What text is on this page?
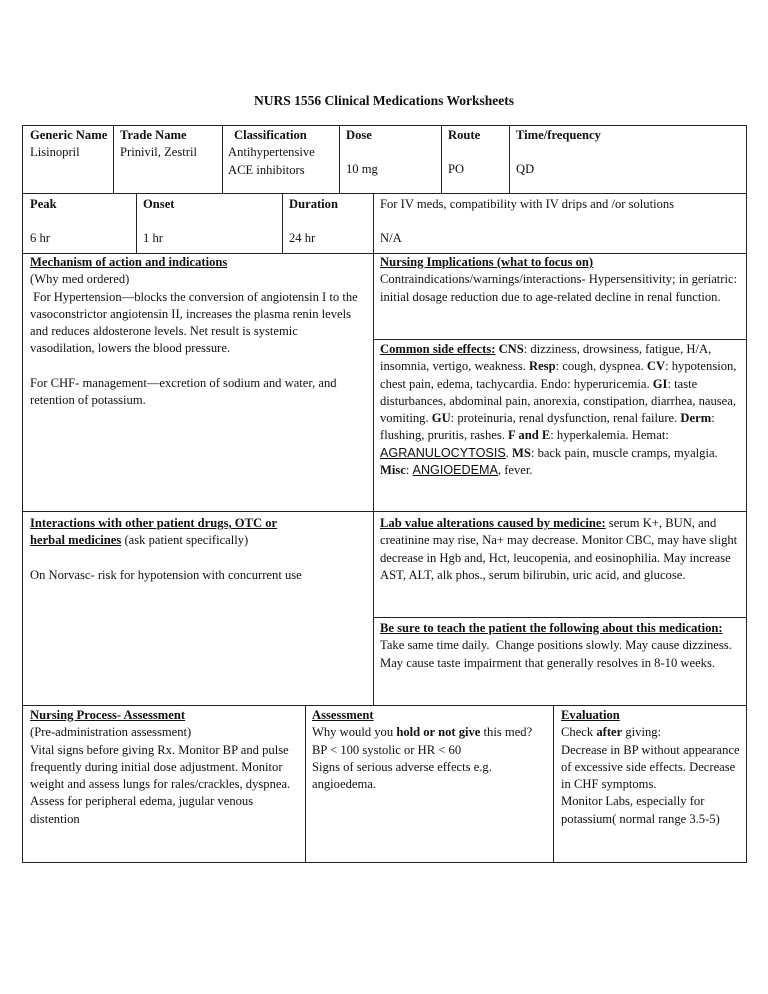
NURS 1556 Clinical Medications Worksheets

Generic Name

Lisinopril

Trade Name

Prinivil, Zestril

Classification

Antihypertensive ACE inhibitors

Dose

10 mg

Route

PO

Time/frequency

QD

Peak

6 hr

Onset

1 hr

Duration

24 hr

For IV meds, compatibility with IV drips and /or solutions

N/A

Mechanism of action and indications

(Why med ordered)

For Hypertension—blocks the conversion of angiotensin I to the vasoconstrictor angiotensin II, increases the plasma renin levels and reduces aldosterone levels. Net result is systemic vasodilation, lowers the blood pressure.

For CHF- management—excretion of sodium and water, and retention of potassium.

Nursing Implications (what to focus on)

Contraindications/warnings/interactions- Hypersensitivity; in geriatric: initial dosage reduction due to age-related decline in renal function.

Common side effects: CNS: dizziness, drowsiness, fatigue, H/A, insomnia, vertigo, weakness. Resp: cough, dyspnea. CV: hypotension, chest pain, edema, tachycardia. Endo: hyperuricemia. GI: taste disturbances, abdominal pain, anorexia, constipation, diarrhea, nausea, vomiting. GU: proteinuria, renal dysfunction, renal failure. Derm: flushing, pruritis, rashes. F and E: hyperkalemia. Hemat: AGRANULOCYTOSIS. MS: back pain, muscle cramps, myalgia. Misc: ANGIOEDEMA, fever.

Interactions with other patient drugs, OTC or

herbal medicines (ask patient specifically)

On Norvasc- risk for hypotension with concurrent use

Lab value alterations caused by medicine: serum K+, BUN, and creatinine may rise, Na+ may decrease. Monitor CBC, may have slight decrease in Hgb and, Hct, leucopenia, and eosinophilia. May increase AST, ALT, alk phos., serum bilirubin, uric acid, and glucose.

Be sure to teach the patient the following about this medication:

Take same time daily.  Change positions slowly. May cause dizziness. May cause taste impairment that generally resolves in 8-10 weeks.

Nursing Process- Assessment

(Pre-administration assessment)

Vital signs before giving Rx. Monitor BP and pulse frequently during initial dose adjustment. Monitor weight and assess lungs for rales/crackles, dyspnea. Assess for peripheral edema, jugular venous distention

Assessment

Why would you hold or not give this med?

BP < 100 systolic or HR < 60

Signs of serious adverse effects e.g. angioedema.

Evaluation

Check after giving:

Decrease in BP without appearance of excessive side effects. Decrease in CHF symptoms.

Monitor Labs, especially for potassium( normal range 3.5-5)
